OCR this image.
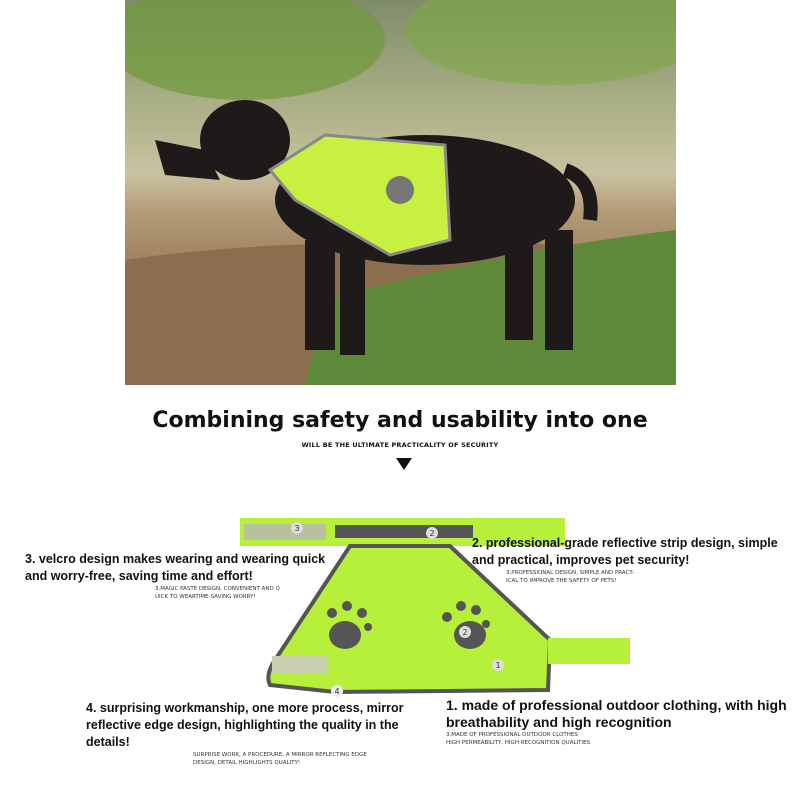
Combining safety and usability into one
WILL BE THE ULTIMATE PRACTICALITY OF SECURITY
3
2
2
1
4
3. velcro design makes wearing and wearing quick and worry-free, saving time and effort!
3.MAGIC PASTE DESIGN, CONVENIENT AND Q
UICK TO WEARTIME-SAVING WORRY!
2. professional-grade reflective strip design, simple and practical, improves pet security!
3.PROFESSIONAL DESIGN, SIMPLE AND PRACT-
ICAL TO IMPROVE THE SAFETY OF PETS!
4. surprising workmanship, one more process, mirror reflective edge design, highlighting the quality in the details!
SURPRISE WORK, A PROCEDURE, A MIRROR REFLECTING EDGE
DESIGN, DETAIL HIGHLIGHTS QUALITY!
1. made of professional outdoor clothing, with high breathability and high recognition
3.MADE OF PROFESSIONAL OUTDOOR CLOTHES
HIGH PERMEABILITY, HIGH RECOGNITION QUALITIES
